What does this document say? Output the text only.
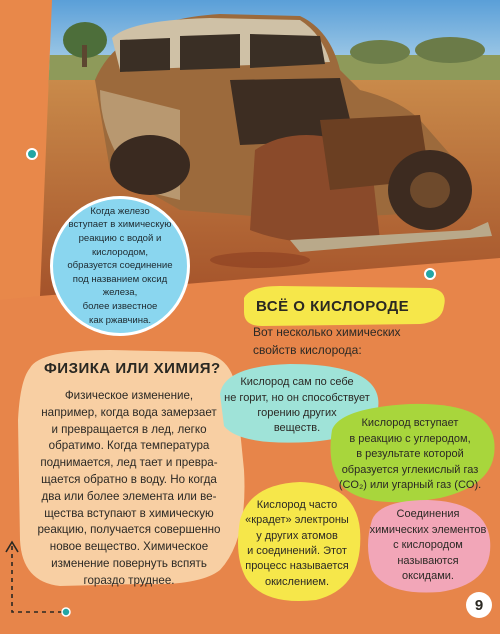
Когда железо
вступает в химическую
реакцию с водой и кислородом,
образуется соединение
под названием оксид железа,
более известное
как ржавчина.
ВСЁ О КИСЛОРОДЕ
Вот несколько химических
свойств кислорода:
Кислород сам по себе
не горит, но он способствует
горению других
веществ.	Кислород вступает
в реакцию с углеродом,
в результате которой
образуется углекислый газ
(CO₂) или угарный газ (CO).
Кислород часто
«крадет» электроны
у других атомов
и соединений. Этот
процесс называется
окислением.
Соединения
химических элементов
с кислородом
называются
оксидами.
ФИЗИКА ИЛИ ХИМИЯ?
Физическое изменение,
например, когда вода замерзает
и превращается в лед, легко
обратимо. Когда температура
поднимается, лед тает и превра-
щается обратно в воду. Но когда
два или более элемента или ве-
щества вступают в химическую
реакцию, получается совершенно
новое вещество. Химическое
изменение повернуть вспять
гораздо труднее.
9
